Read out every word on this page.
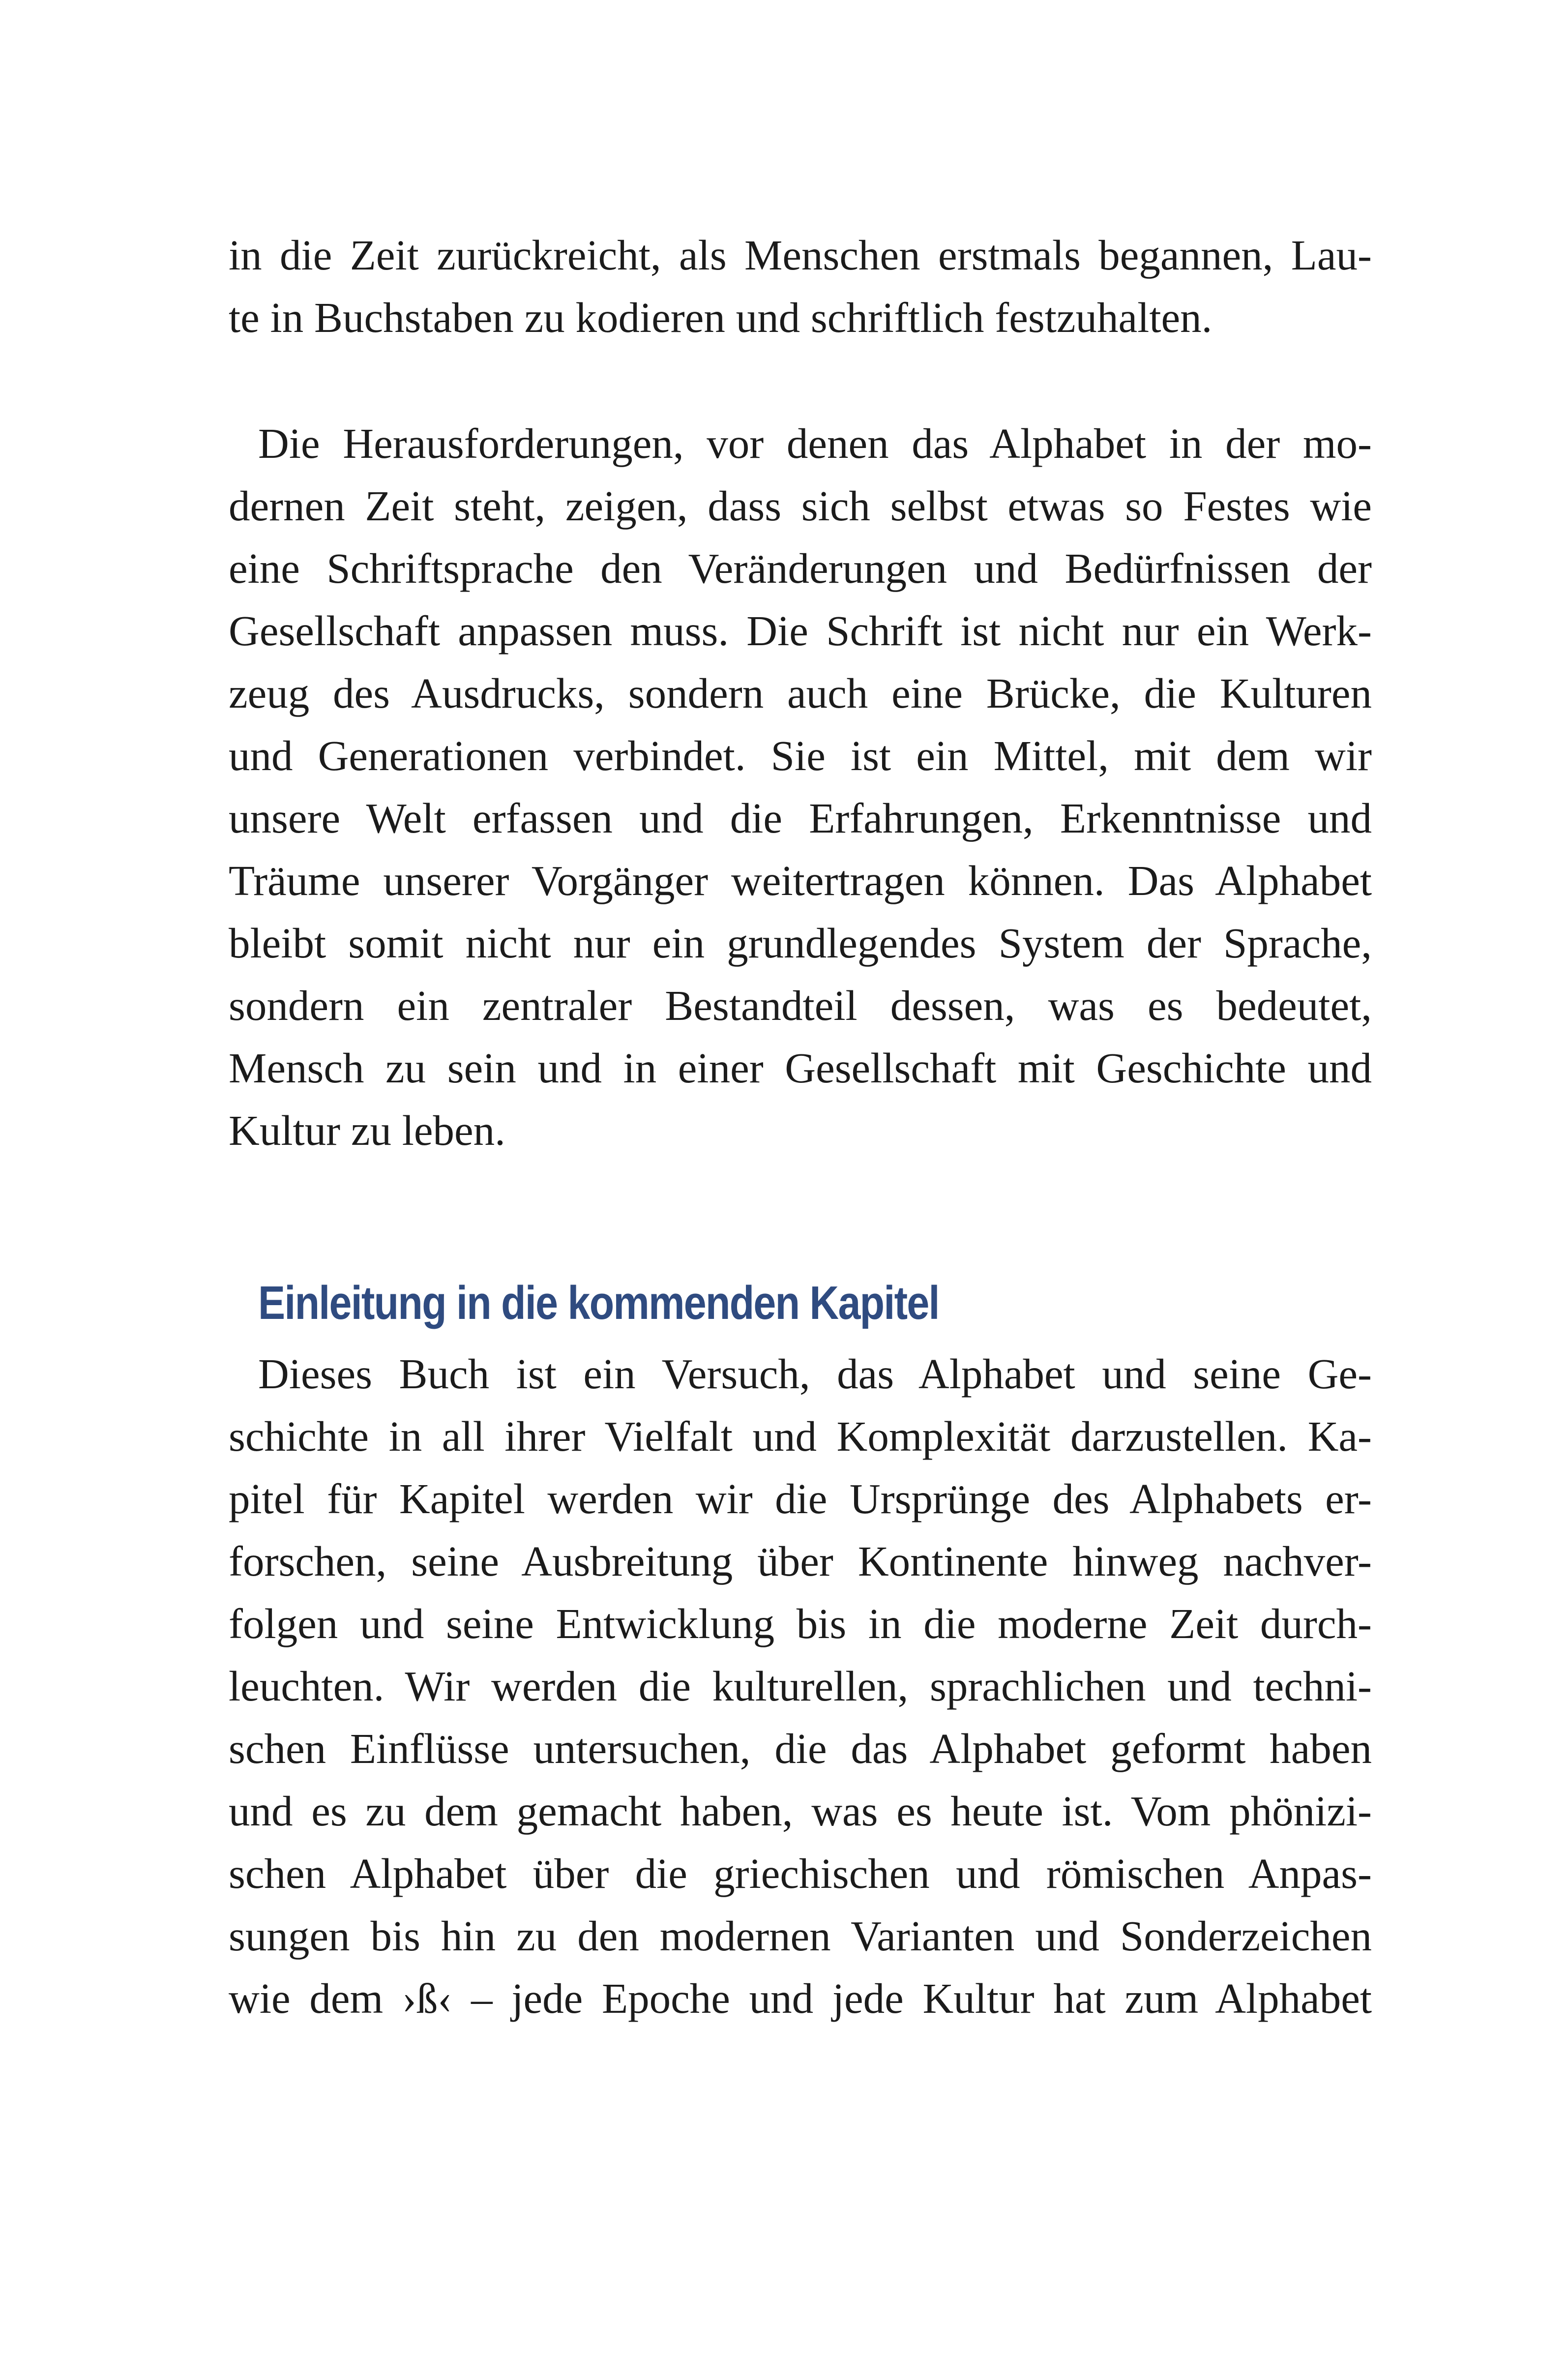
in die Zeit zurückreicht, als Menschen erstmals begannen, Lau-
te in Buchstaben zu kodieren und schriftlich festzuhalten.
Die Herausforderungen, vor denen das Alphabet in der mo-
dernen Zeit steht, zeigen, dass sich selbst etwas so Festes wie
eine Schriftsprache den Veränderungen und Bedürfnissen der
Gesellschaft anpassen muss. Die Schrift ist nicht nur ein Werk-
zeug des Ausdrucks, sondern auch eine Brücke, die Kulturen
und Generationen verbindet. Sie ist ein Mittel, mit dem wir
unsere Welt erfassen und die Erfahrungen, Erkenntnisse und
Träume unserer Vorgänger weitertragen können. Das Alphabet
bleibt somit nicht nur ein grundlegendes System der Sprache,
sondern ein zentraler Bestandteil dessen, was es bedeutet,
Mensch zu sein und in einer Gesellschaft mit Geschichte und
Kultur zu leben.
Einleitung in die kommenden Kapitel
Dieses Buch ist ein Versuch, das Alphabet und seine Ge-
schichte in all ihrer Vielfalt und Komplexität darzustellen. Ka-
pitel für Kapitel werden wir die Ursprünge des Alphabets er-
forschen, seine Ausbreitung über Kontinente hinweg nachver-
folgen und seine Entwicklung bis in die moderne Zeit durch-
leuchten. Wir werden die kulturellen, sprachlichen und techni-
schen Einflüsse untersuchen, die das Alphabet geformt haben
und es zu dem gemacht haben, was es heute ist. Vom phönizi-
schen Alphabet über die griechischen und römischen Anpas-
sungen bis hin zu den modernen Varianten und Sonderzeichen
wie dem ›ß‹ – jede Epoche und jede Kultur hat zum Alphabet
